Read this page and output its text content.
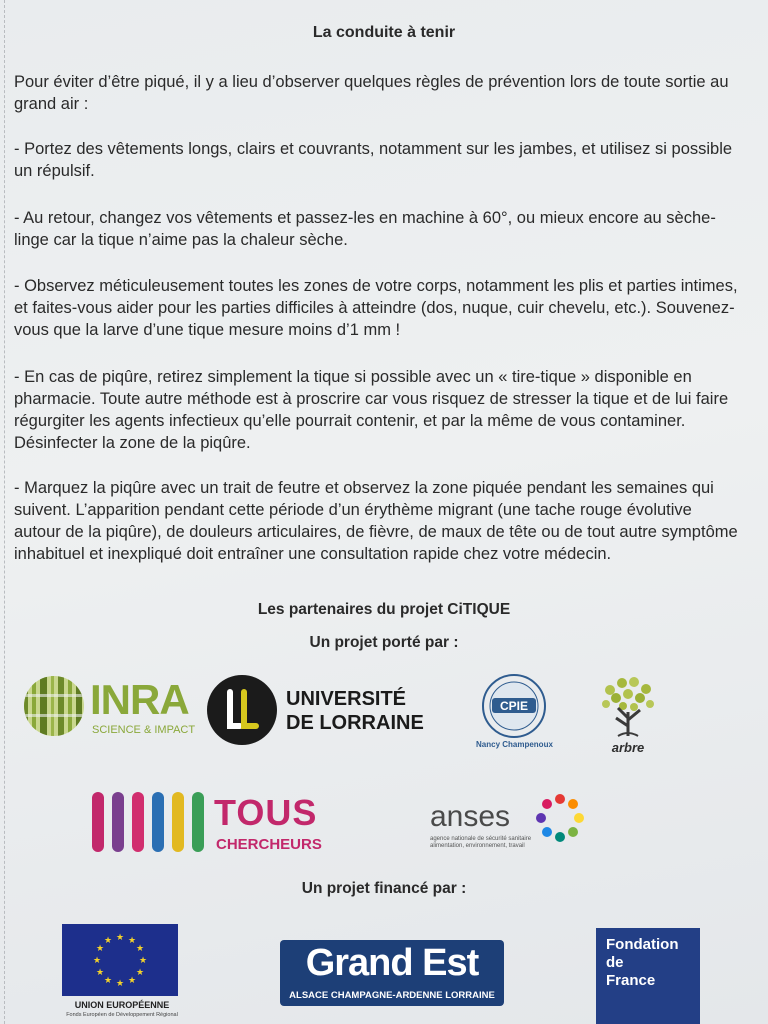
La conduite à tenir

Pour éviter d’être piqué, il y a lieu d’observer quelques règles de prévention lors de toute sortie au grand air :

- Portez des vêtements longs, clairs et couvrants, notamment sur les jambes, et utilisez si possible un répulsif.

- Au retour, changez vos vêtements et passez-les en machine à 60°, ou mieux encore au sèche-linge car la tique n’aime pas la chaleur sèche.

- Observez méticuleusement toutes les zones de votre corps, notamment les plis et parties intimes, et faites-vous aider pour les parties difficiles à atteindre (dos, nuque, cuir chevelu, etc.). Souvenez-vous que la larve d’une tique mesure moins d’1 mm !

- En cas de piqûre, retirez simplement la tique si possible avec un « tire-tique » disponible en pharmacie. Toute autre méthode est à proscrire car vous risquez de stresser la tique et de lui faire régurgiter les agents infectieux qu’elle pourrait contenir, et par la même de vous contaminer. Désinfecter la zone de la piqûre.

- Marquez la piqûre avec un trait de feutre et observez la zone piquée pendant les semaines qui suivent. L’apparition pendant cette période d’un érythème migrant (une tache rouge évolutive autour de la piqûre), de douleurs articulaires, de fièvre, de maux de tête ou de tout autre symptôme inhabituel et inexpliqué doit entraîner une consultation rapide chez votre médecin.

Les partenaires du projet CiTIQUE
Un projet porté par :
INRA
SCIENCE & IMPACT
UNIVERSITÉ
DE LORRAINE
CPIE
Nancy Champenoux	arbre
TOUS
CHERCHEURS
anses
agence nationale de sécurité sanitaire
alimentation, environnement, travail
Un projet financé par :
★ ★
★
★
★
★
★
★
★
★
★
★
UNION EUROPÉENNE
Fonds Européen de Développement Régional
Grand Est
ALSACE CHAMPAGNE-ARDENNE LORRAINE
Fondation
de
France
